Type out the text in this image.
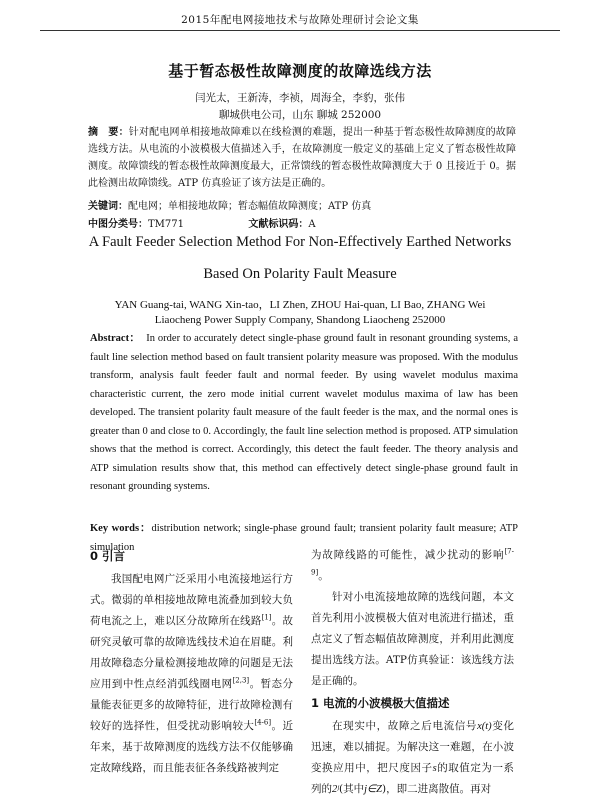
2015年配电网接地技术与故障处理研讨会论文集
基于暂态极性故障测度的故障选线方法
闫光太，王新涛，李祯，周海全，李豹，张伟
聊城供电公司，山东 聊城 252000
摘　要：针对配电网单相接地故障难以在线检测的难题，提出一种基于暂态极性故障测度的故障选线方法。从电流的小波模极大值描述入手，在故障测度一般定义的基础上定义了暂态极性故障测度。故障馈线的暂态极性故障测度最大，正常馈线的暂态极性故障测度大于 0 且接近于 0。据此检测出故障馈线。ATP 仿真验证了该方法是正确的。
关键词：配电网；单相接地故障；暂态幅值故障测度；ATP 仿真
中图分类号：TM771	文献标识码：A
A Fault Feeder Selection Method For Non-Effectively Earthed Networks
Based On Polarity Fault Measure
YAN Guang-tai, WANG Xin-tao，LI Zhen, ZHOU Hai-quan, LI Bao, ZHANG Wei
Liaocheng Power Supply Company, Shandong Liaocheng 252000
Abstract： In order to accurately detect single-phase ground fault in resonant grounding systems, a fault line selection method based on fault transient polarity measure was proposed. With the modulus transform, analysis fault feeder fault and normal feeder. By using wavelet modulus maxima characteristic current, the zero mode initial current wavelet modulus maxima of law has been developed. The transient polarity fault measure of the fault feeder is the max, and the normal ones is greater than 0 and close to 0. Accordingly, the fault line selection method is proposed. ATP simulation shows that the method is correct. Accordingly, this detect the fault feeder. The theory analysis and ATP simulation results show that, this method can effectively detect single-phase ground fault in resonant grounding systems.
Key words：distribution network; single-phase ground fault; transient polarity fault measure; ATP simulation
0 引言

我国配电网广泛采用小电流接地运行方式。微弱的单相接地故障电流叠加到较大负荷电流之上，难以区分故障所在线路[1]。故研究灵敏可靠的故障选线技术迫在眉睫。利用故障稳态分量检测接地故障的问题是无法应用到中性点经消弧线圈电网[2,3]。暂态分量能表征更多的故障特征，进行故障检测有较好的选择性，但受扰动影响较大[4-6]。近年来，基于故障测度的选线方法不仅能够确定故障线路，而且能表征各条线路被判定

为故障线路的可能性，减少扰动的影响[7-9]。

针对小电流接地故障的选线问题，本文首先利用小波模极大值对电流进行描述，重点定义了暂态幅值故障测度，并利用此测度提出选线方法。ATP仿真验证：该选线方法是正确的。

1 电流的小波模极大值描述

在现实中，故障之后电流信号x(t)变化迅速，难以捕捉。为解决这一难题，在小波变换应用中，把尺度因子s的取值定为一系列的2ʲ(其中j∈Z)，即二进离散值。再对
